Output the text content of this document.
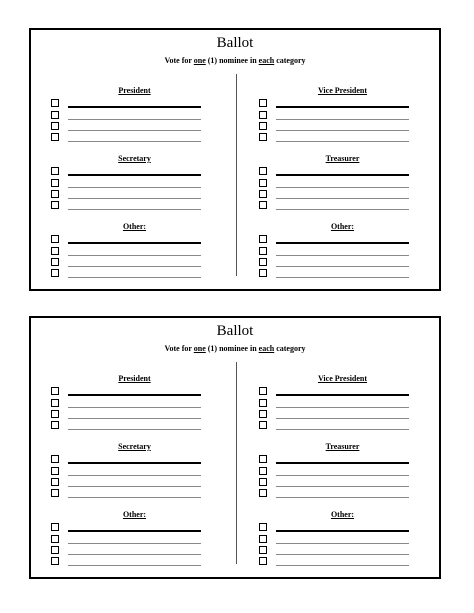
Ballot
Vote for one (1) nominee in each category
President	Vice President
Secretary	Treasurer
Other:	Other:
Ballot
Vote for one (1) nominee in each category
President	Vice President
Secretary	Treasurer
Other:	Other:
